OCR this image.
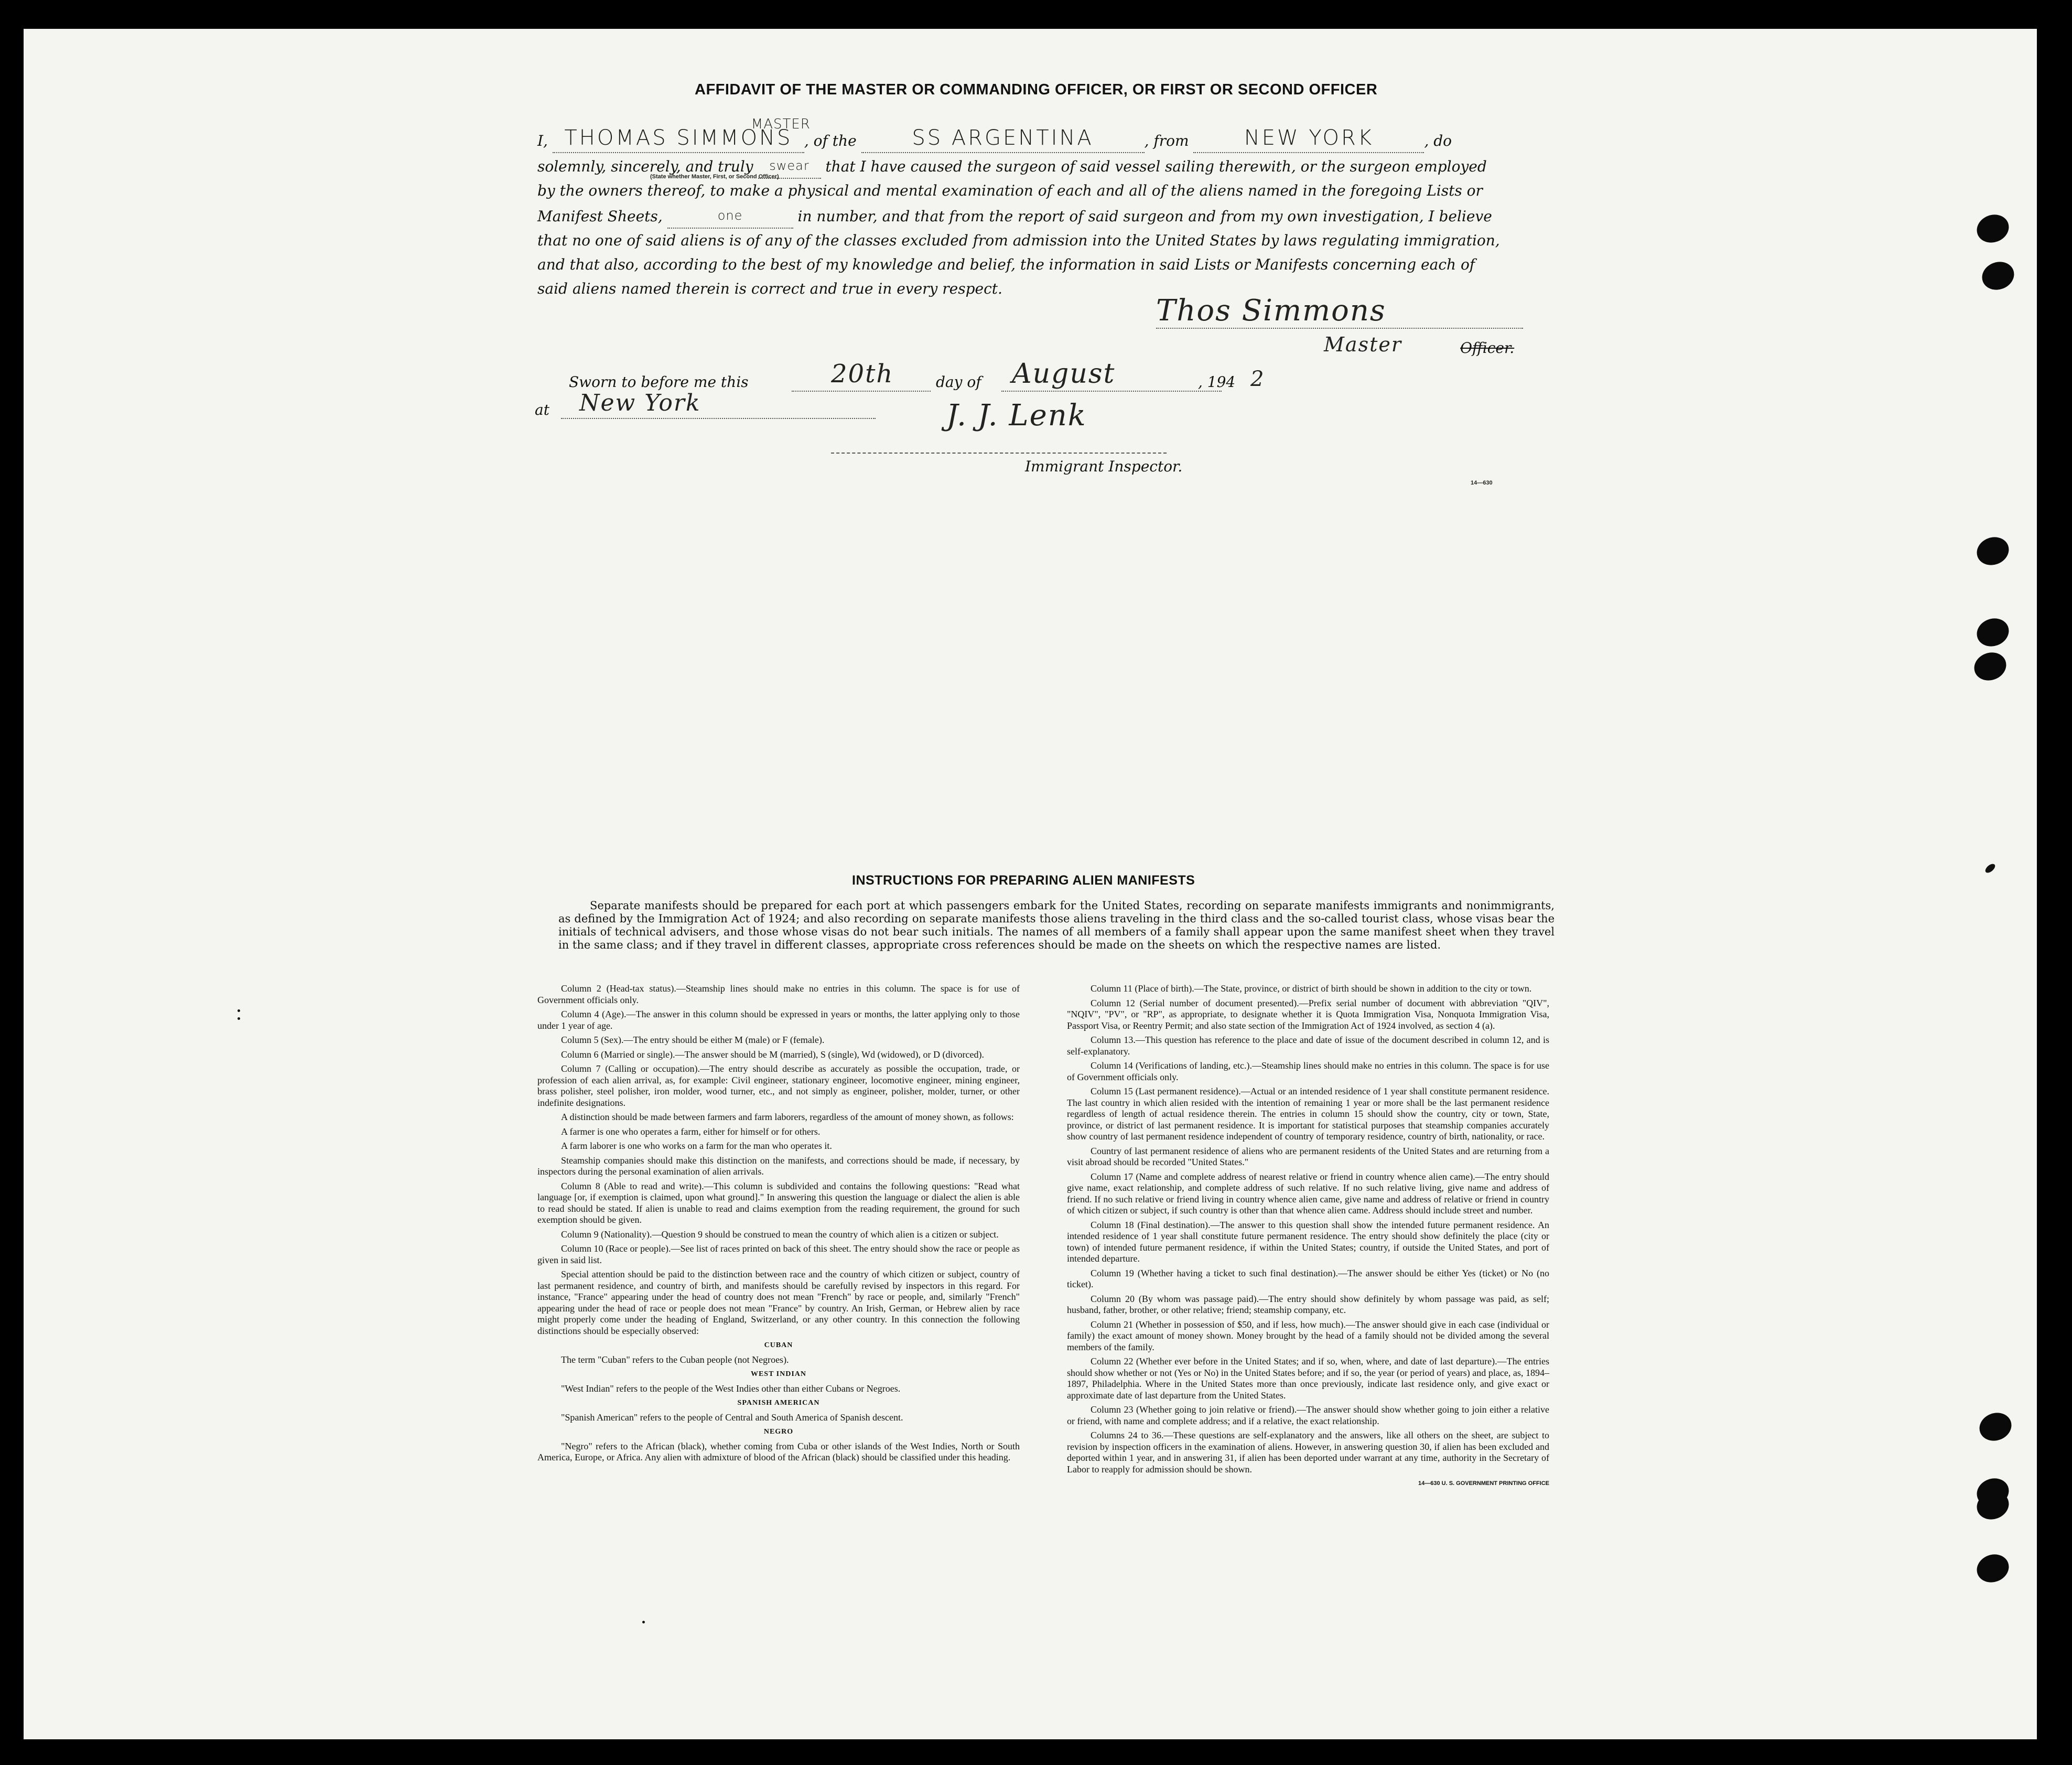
AFFIDAVIT OF THE MASTER OR COMMANDING OFFICER, OR FIRST OR SECOND OFFICER
I, THOMAS SIMMONS
MASTER
, of the	SS ARGENTINA	, from	NEW YORK	, do
solemnly, sincerely, and truly swear that I have caused the surgeon of said vessel sailing therewith, or the surgeon employed by the owners thereof, to make a physical and mental examination of each and all of the aliens named in the foregoing Lists or Manifest Sheets,	one	in number, and that from the report of said surgeon and from my own investigation, I believe that no one of said aliens is of any of the classes excluded from admission into the United States by laws regulating immigration, and that also, according to the best of my knowledge and belief, the information in said Lists or Manifests concerning each of said aliens named therein is correct and true in every respect.
(State whether Master, First, or Second Officer)
Thos Simmons
Master	Officer.
Sworn to before me this	20th	day of August	, 194 2
at New York	J. J. Lenk
Immigrant Inspector.
14—630
INSTRUCTIONS FOR PREPARING ALIEN MANIFESTS
Separate manifests should be prepared for each port at which passengers embark for the United States, recording on separate manifests immigrants and nonimmigrants, as defined by the Immigration Act of 1924; and also recording on separate manifests those aliens traveling in the third class and the so-called tourist class, whose visas bear the initials of technical advisers, and those whose visas do not bear such initials. The names of all members of a family shall appear upon the same manifest sheet when they travel in the same class; and if they travel in different classes, appropriate cross references should be made on the sheets on which the respective names are listed.

Column 2 (Head-tax status).—Steamship lines should make no entries in this column. The space is for use of Government officials only.

Column 4 (Age).—The answer in this column should be expressed in years or months, the latter applying only to those under 1 year of age.

Column 5 (Sex).—The entry should be either M (male) or F (female).

Column 6 (Married or single).—The answer should be M (married), S (single), Wd (widowed), or D (divorced).

Column 7 (Calling or occupation).—The entry should describe as accurately as possible the occupation, trade, or profession of each alien arrival, as, for example: Civil engineer, stationary engineer, locomotive engineer, mining engineer, brass polisher, steel polisher, iron molder, wood turner, etc., and not simply as engineer, polisher, molder, turner, or other indefinite designations.

A distinction should be made between farmers and farm laborers, regardless of the amount of money shown, as follows:

A farmer is one who operates a farm, either for himself or for others.

A farm laborer is one who works on a farm for the man who operates it.

Steamship companies should make this distinction on the manifests, and corrections should be made, if necessary, by inspectors during the personal examination of alien arrivals.

Column 8 (Able to read and write).—This column is subdivided and contains the following questions: "Read what language [or, if exemption is claimed, upon what ground]." In answering this question the language or dialect the alien is able to read should be stated. If alien is unable to read and claims exemption from the reading requirement, the ground for such exemption should be given.

Column 9 (Nationality).—Question 9 should be construed to mean the country of which alien is a citizen or subject.

Column 10 (Race or people).—See list of races printed on back of this sheet. The entry should show the race or people as given in said list.

Special attention should be paid to the distinction between race and the country of which citizen or subject, country of last permanent residence, and country of birth, and manifests should be carefully revised by inspectors in this regard. For instance, "France" appearing under the head of country does not mean "French" by race or people, and, similarly "French" appearing under the head of race or people does not mean "France" by country. An Irish, German, or Hebrew alien by race might properly come under the heading of England, Switzerland, or any other country. In this connection the following distinctions should be especially observed:

CUBAN

The term "Cuban" refers to the Cuban people (not Negroes).

WEST INDIAN

"West Indian" refers to the people of the West Indies other than either Cubans or Negroes.

SPANISH AMERICAN

"Spanish American" refers to the people of Central and South America of Spanish descent.

NEGRO

"Negro" refers to the African (black), whether coming from Cuba or other islands of the West Indies, North or South America, Europe, or Africa. Any alien with admixture of blood of the African (black) should be classified under this heading.

Column 11 (Place of birth).—The State, province, or district of birth should be shown in addition to the city or town.

Column 12 (Serial number of document presented).—Prefix serial number of document with abbreviation "QIV", "NQIV", "PV", or "RP", as appropriate, to designate whether it is Quota Immigration Visa, Nonquota Immigration Visa, Passport Visa, or Reentry Permit; and also state section of the Immigration Act of 1924 involved, as section 4 (a).

Column 13.—This question has reference to the place and date of issue of the document described in column 12, and is self-explanatory.

Column 14 (Verifications of landing, etc.).—Steamship lines should make no entries in this column. The space is for use of Government officials only.

Column 15 (Last permanent residence).—Actual or an intended residence of 1 year shall constitute permanent residence. The last country in which alien resided with the intention of remaining 1 year or more shall be the last permanent residence regardless of length of actual residence therein. The entries in column 15 should show the country, city or town, State, province, or district of last permanent residence. It is important for statistical purposes that steamship companies accurately show country of last permanent residence independent of country of temporary residence, country of birth, nationality, or race.

Country of last permanent residence of aliens who are permanent residents of the United States and are returning from a visit abroad should be recorded "United States."

Column 17 (Name and complete address of nearest relative or friend in country whence alien came).—The entry should give name, exact relationship, and complete address of such relative. If no such relative living, give name and address of friend. If no such relative or friend living in country whence alien came, give name and address of relative or friend in country of which citizen or subject, if such country is other than that whence alien came. Address should include street and number.

Column 18 (Final destination).—The answer to this question shall show the intended future permanent residence. An intended residence of 1 year shall constitute future permanent residence. The entry should show definitely the place (city or town) of intended future permanent residence, if within the United States; country, if outside the United States, and port of intended departure.

Column 19 (Whether having a ticket to such final destination).—The answer should be either Yes (ticket) or No (no ticket).

Column 20 (By whom was passage paid).—The entry should show definitely by whom passage was paid, as self; husband, father, brother, or other relative; friend; steamship company, etc.

Column 21 (Whether in possession of $50, and if less, how much).—The answer should give in each case (individual or family) the exact amount of money shown. Money brought by the head of a family should not be divided among the several members of the family.

Column 22 (Whether ever before in the United States; and if so, when, where, and date of last departure).—The entries should show whether or not (Yes or No) in the United States before; and if so, the year (or period of years) and place, as, 1894–1897, Philadelphia. Where in the United States more than once previously, indicate last residence only, and give exact or approximate date of last departure from the United States.

Column 23 (Whether going to join relative or friend).—The answer should show whether going to join either a relative or friend, with name and complete address; and if a relative, the exact relationship.

Columns 24 to 36.—These questions are self-explanatory and the answers, like all others on the sheet, are subject to revision by inspection officers in the examination of aliens. However, in answering question 30, if alien has been excluded and deported within 1 year, and in answering 31, if alien has been deported under warrant at any time, authority in the Secretary of Labor to reapply for admission should be shown.

14—630 U. S. GOVERNMENT PRINTING OFFICE
